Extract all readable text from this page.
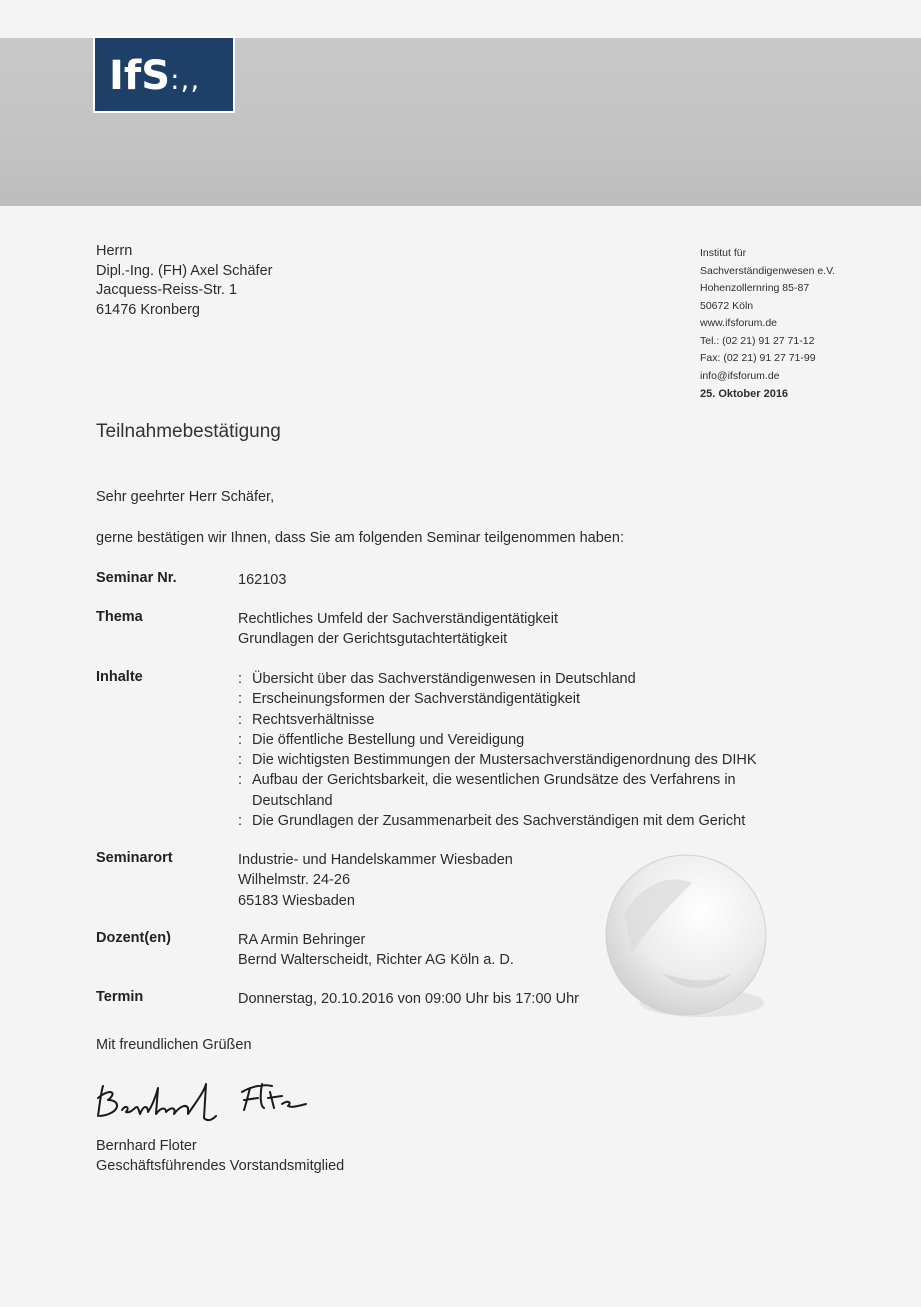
IfS:,,
Herrn
Dipl.-Ing. (FH) Axel Schäfer
Jacquess-Reiss-Str. 1
61476 Kronberg
Institut für
Sachverständigenwesen e.V.
Hohenzollernring 85-87
50672 Köln
www.ifsforum.de
Tel.: (02 21) 91 27 71-12
Fax: (02 21) 91 27 71-99
info@ifsforum.de
25. Oktober 2016
Teilnahmebestätigung
Sehr geehrter Herr Schäfer,
gerne bestätigen wir Ihnen, dass Sie am folgenden Seminar teilgenommen haben:
Seminar Nr.	162103
Thema	Rechtliches Umfeld der Sachverständigentätigkeit
Grundlagen der Gerichtsgutachtertätigkeit
Inhalte	: Übersicht über das Sachverständigenwesen in Deutschland
: Erscheinungsformen der Sachverständigentätigkeit
: Rechtsverhältnisse
: Die öffentliche Bestellung und Vereidigung
: Die wichtigsten Bestimmungen der Mustersachverständigenordnung des DIHK
: Aufbau der Gerichtsbarkeit, die wesentlichen Grundsätze des Verfahrens in Deutschland
: Die Grundlagen der Zusammenarbeit des Sachverständigen mit dem Gericht
Seminarort	Industrie- und Handelskammer Wiesbaden
Wilhelmstr. 24-26
65183 Wiesbaden
Dozent(en)	RA Armin Behringer
Bernd Walterscheidt, Richter AG Köln a. D.
Termin	Donnerstag, 20.10.2016 von 09:00 Uhr bis 17:00 Uhr
Mit freundlichen Grüßen
Bernhard Floter
Geschäftsführendes Vorstandsmitglied
